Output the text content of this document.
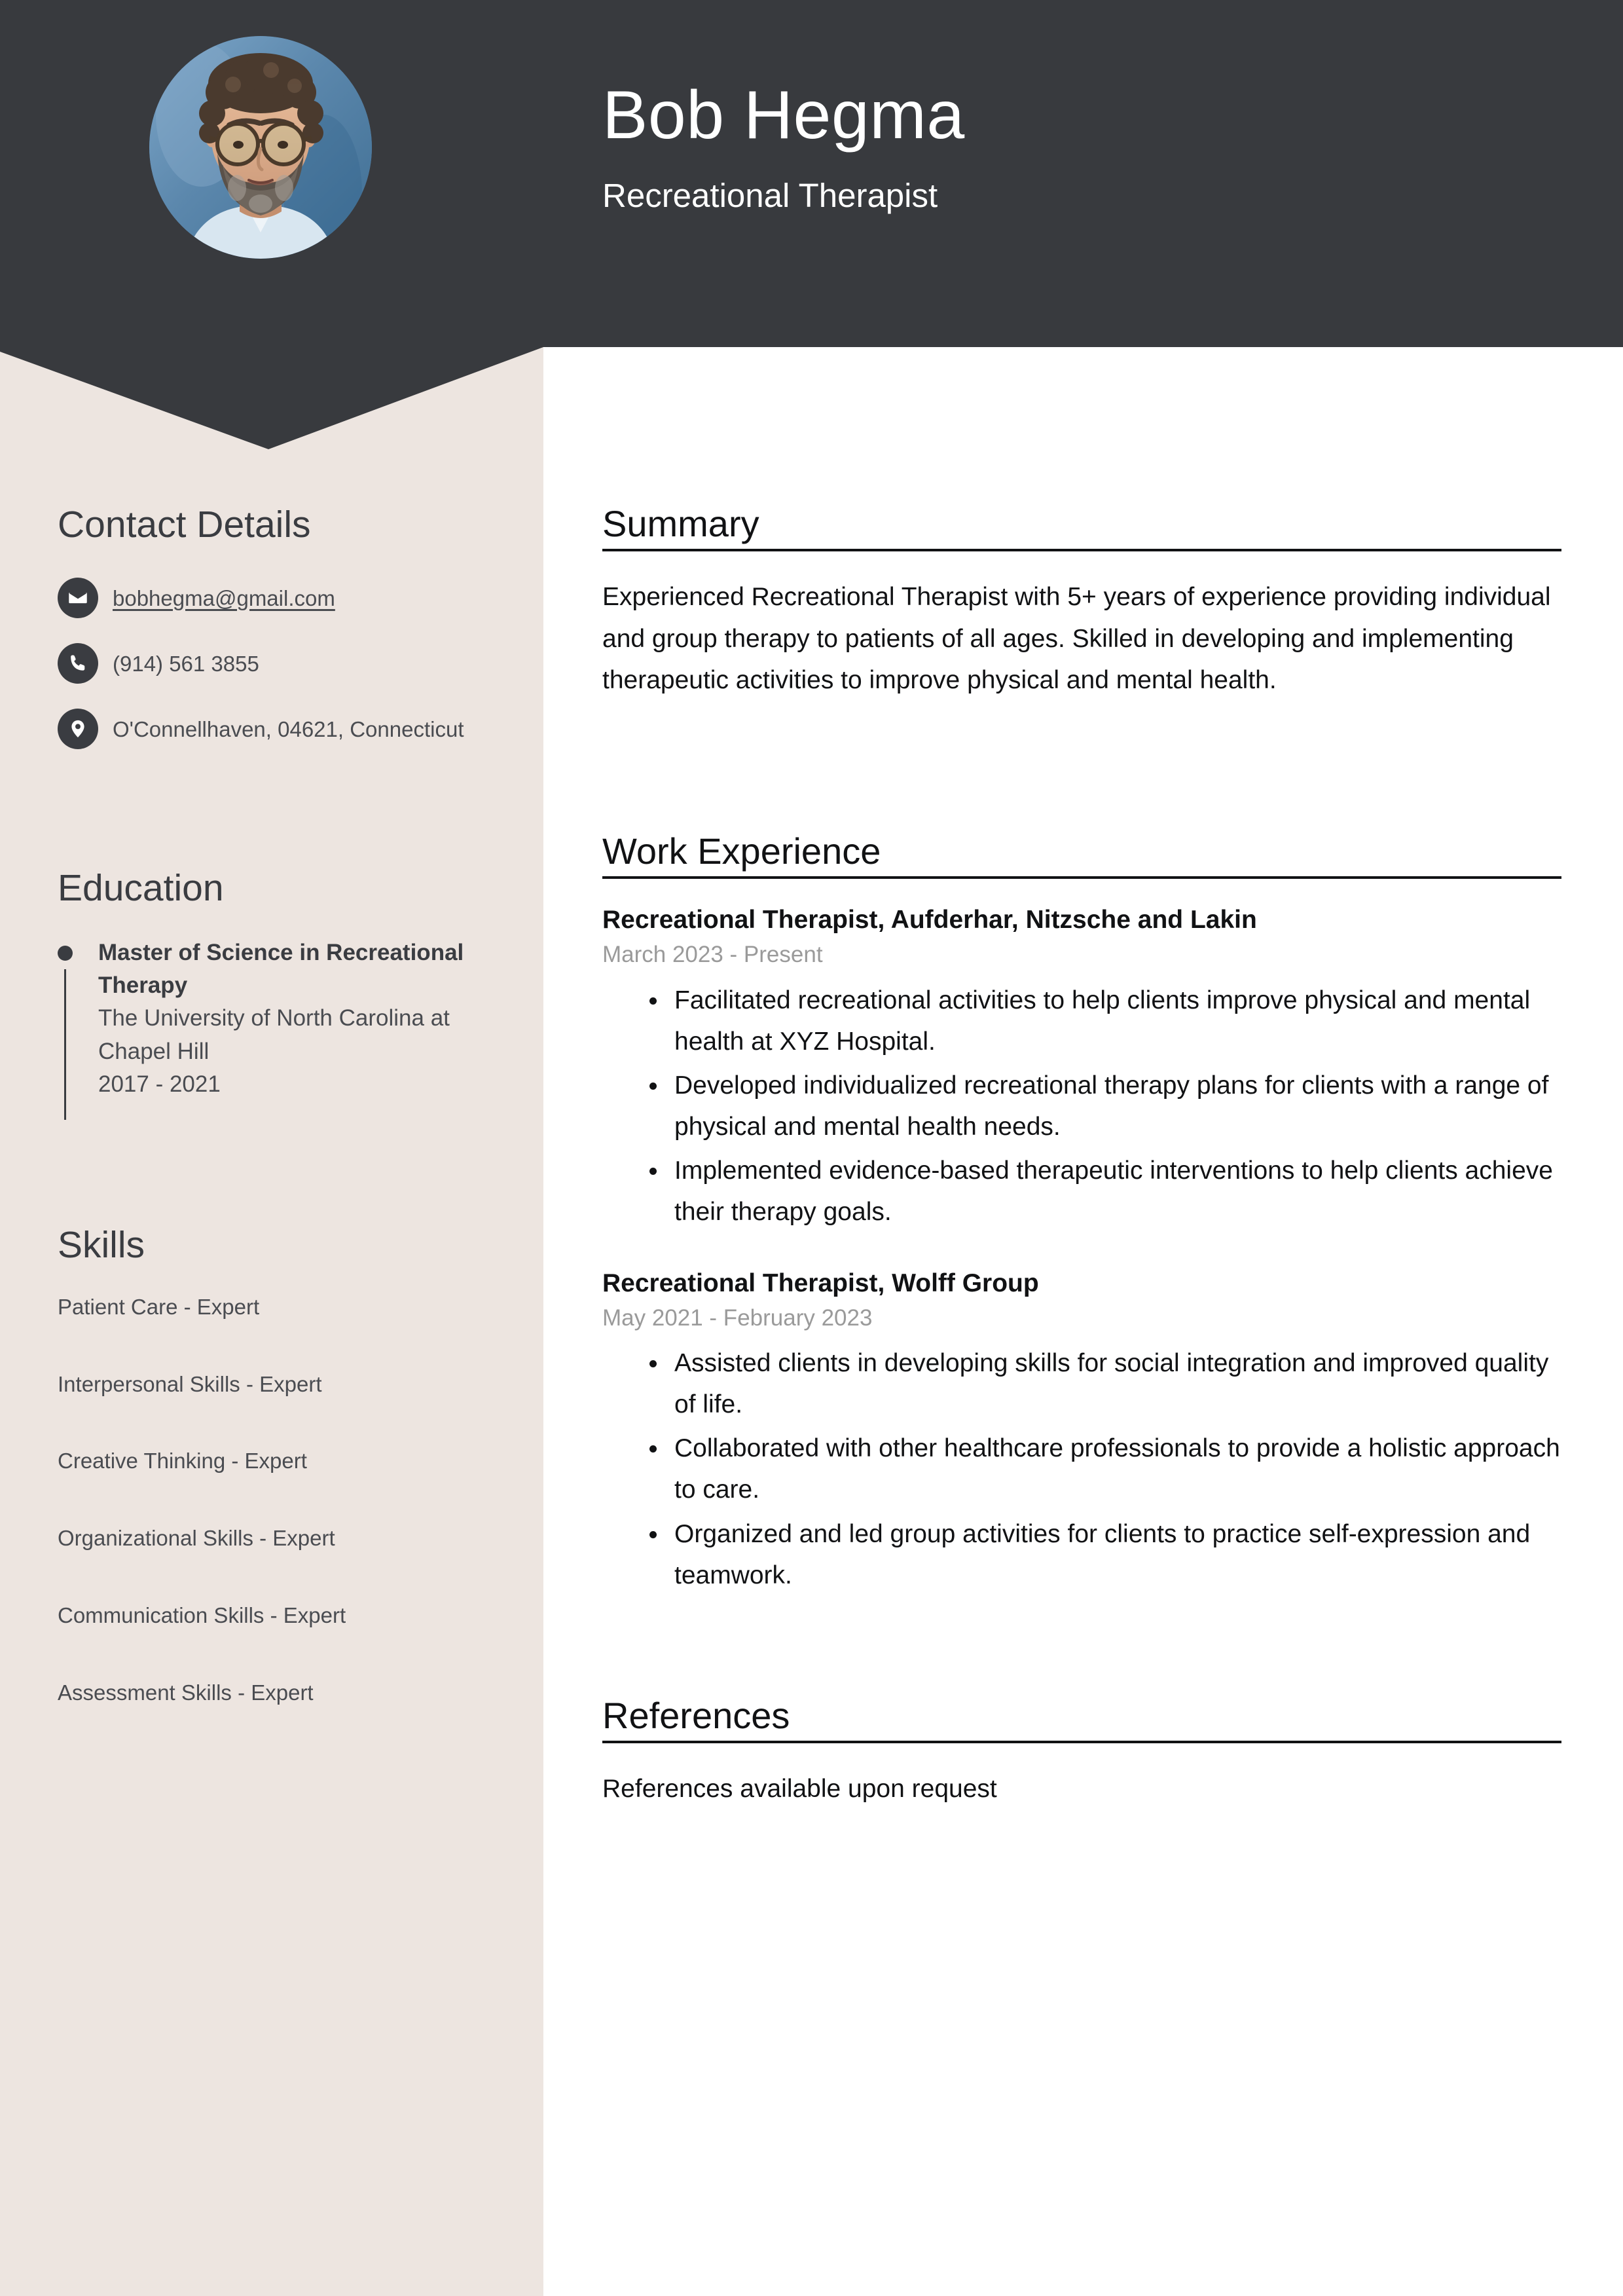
Bob Hegma

Recreational Therapist

Contact Details
bobhegma@gmail.com
(914) 561 3855
O'Connellhaven, 04621, Connecticut
Education

Master of Science in Recreational Therapy

The University of North Carolina at Chapel Hill

2017 - 2021

Skills
Patient Care - Expert
Interpersonal Skills - Expert
Creative Thinking - Expert
Organizational Skills - Expert
Communication Skills - Expert
Assessment Skills - Expert
Summary

Experienced Recreational Therapist with 5+ years of experience providing individual and group therapy to patients of all ages. Skilled in developing and implementing therapeutic activities to improve physical and mental health.

Work Experience

Recreational Therapist, Aufderhar, Nitzsche and Lakin

March 2023 - Present

Facilitated recreational activities to help clients improve physical and mental health at XYZ Hospital.
Developed individualized recreational therapy plans for clients with a range of physical and mental health needs.
Implemented evidence-based therapeutic interventions to help clients achieve their therapy goals.

Recreational Therapist, Wolff Group

May 2021 - February 2023

Assisted clients in developing skills for social integration and improved quality of life.
Collaborated with other healthcare professionals to provide a holistic approach to care.
Organized and led group activities for clients to practice self-expression and teamwork.
References

References available upon request
